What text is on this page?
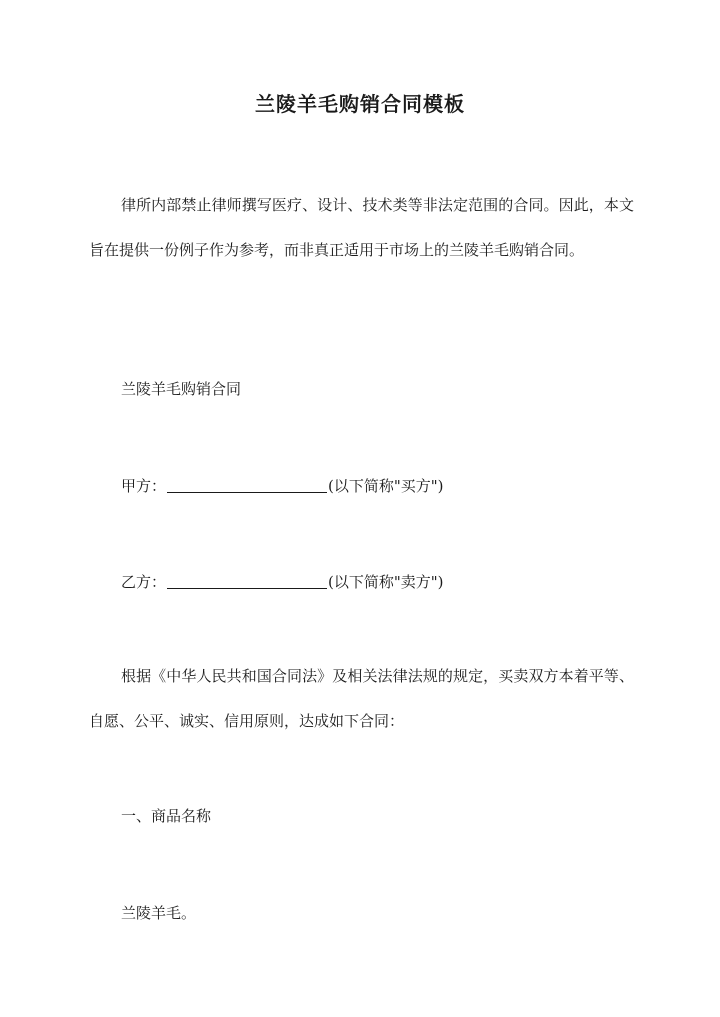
兰陵羊毛购销合同模板
律所内部禁止律师撰写医疗、设计、技术类等非法定范围的合同。因此，本文旨在提供一份例子作为参考，而非真正适用于市场上的兰陵羊毛购销合同。
兰陵羊毛购销合同
甲方：	(以下简称"买方")
乙方：	(以下简称"卖方")
根据《中华人民共和国合同法》及相关法律法规的规定，买卖双方本着平等、自愿、公平、诚实、信用原则，达成如下合同：
一、商品名称
兰陵羊毛。
